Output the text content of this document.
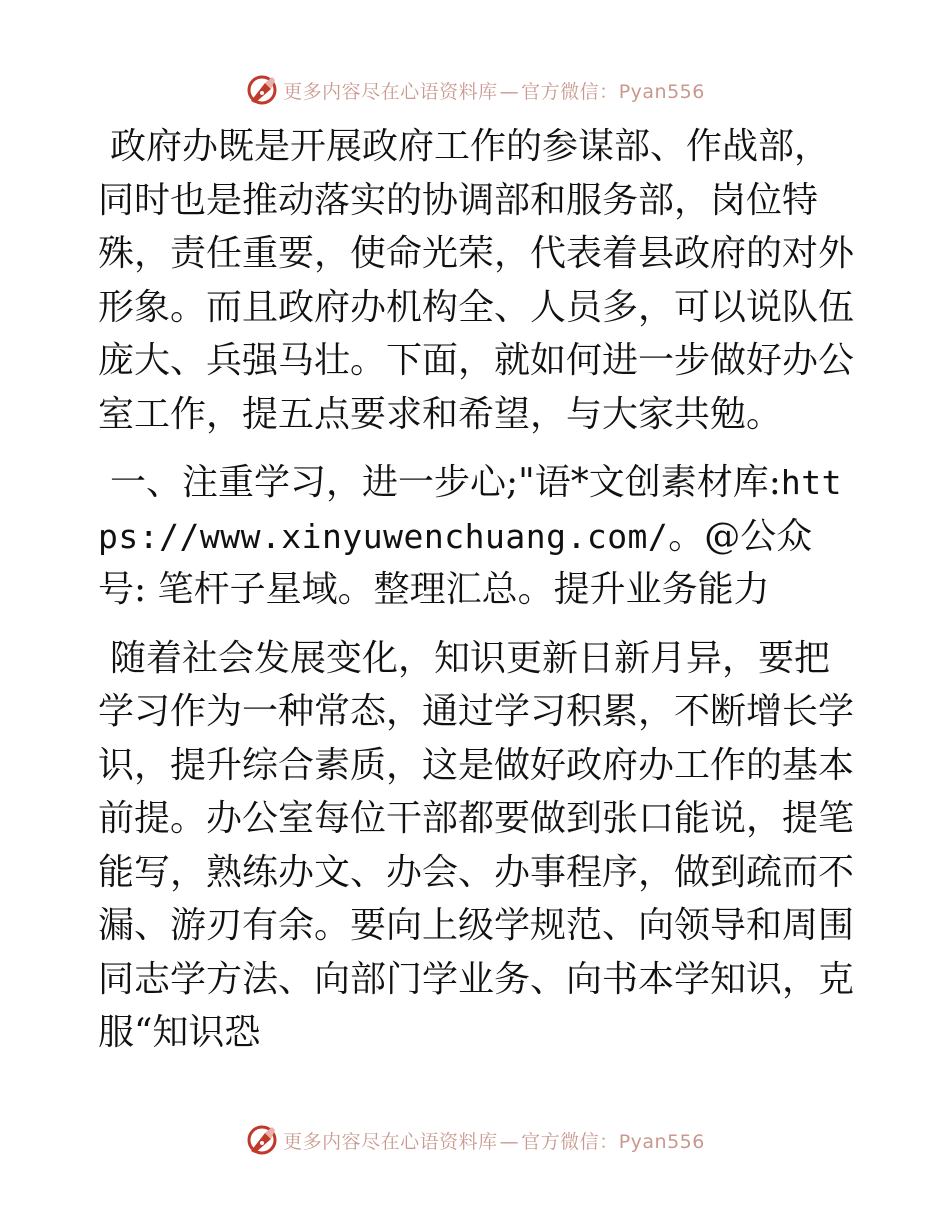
更多内容尽在心语资料库 — 官方微信：Pyan556

政府办既是开展政府工作的参谋部、作战部，同时也是推动落实的协调部和服务部，岗位特殊，责任重要，使命光荣，代表着县政府的对外形象。而且政府办机构全、人员多，可以说队伍庞大、兵强马壮。下面，就如何进一步做好办公室工作，提五点要求和希望，与大家共勉。

一、注重学习，进一步心;"语*文创素材库:https://www.xinyuwenchuang.com/。@公众号: 笔杆子星域。整理汇总。提升业务能力

随着社会发展变化，知识更新日新月异，要把学习作为一种常态，通过学习积累，不断增长学识，提升综合素质，这是做好政府办工作的基本前提。办公室每位干部都要做到张口能说，提笔能写，熟练办文、办会、办事程序，做到疏而不漏、游刃有余。要向上级学规范、向领导和周围同志学方法、向部门学业务、向书本学知识，克服“知识恐

更多内容尽在心语资料库 — 官方微信：Pyan556
